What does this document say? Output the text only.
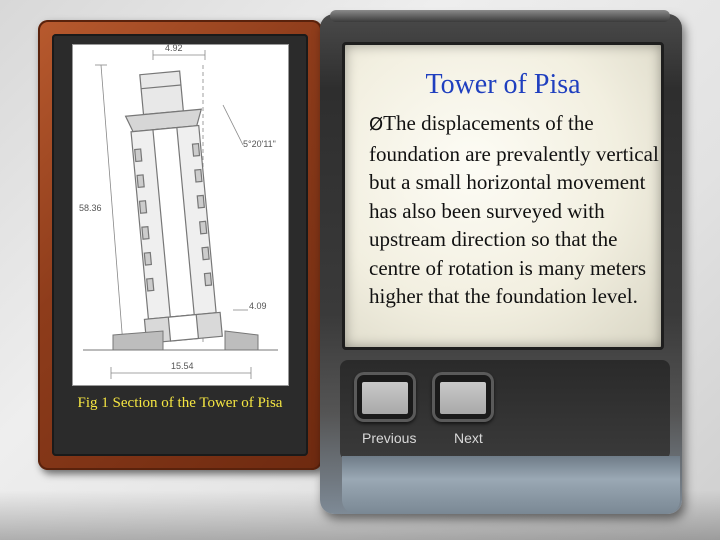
4.92
5°20'11"
58.36
4.09
15.54
Fig 1 Section of the Tower of Pisa
Tower of Pisa
ØThe displacements of the foundation are prevalently vertical but a small horizontal movement has also been surveyed with upstream direction so that the centre of rotation is many meters higher that the foundation level.
Previous	Next
